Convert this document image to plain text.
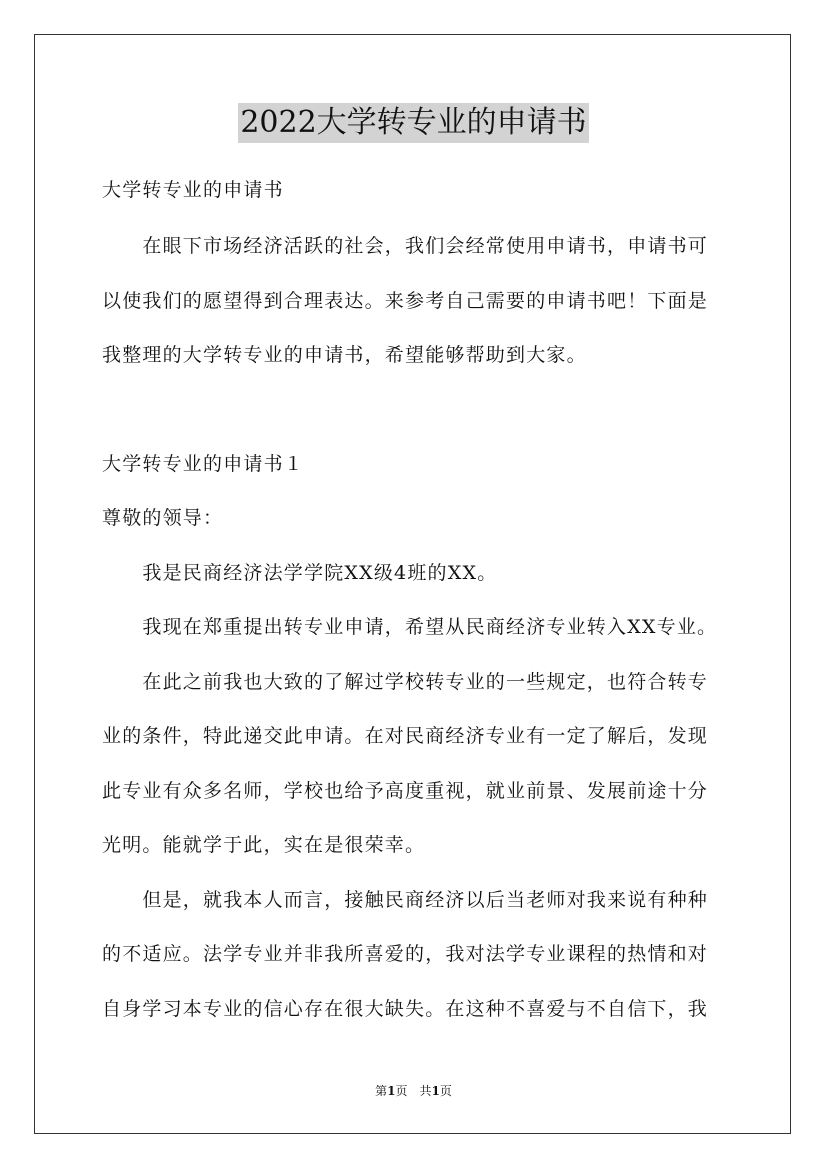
2022大学转专业的申请书
大学转专业的申请书
　　在眼下市场经济活跃的社会，我们会经常使用申请书，申请书可
以使我们的愿望得到合理表达。来参考自己需要的申请书吧！下面是
我整理的大学转专业的申请书，希望能够帮助到大家。
大学转专业的申请书１
尊敬的领导：
　　我是民商经济法学学院XX级4班的XX。
　　我现在郑重提出转专业申请，希望从民商经济专业转入XX专业。
　　在此之前我也大致的了解过学校转专业的一些规定，也符合转专
业的条件，特此递交此申请。在对民商经济专业有一定了解后，发现
此专业有众多名师，学校也给予高度重视，就业前景、发展前途十分
光明。能就学于此，实在是很荣幸。
　　但是，就我本人而言，接触民商经济以后当老师对我来说有种种
的不适应。法学专业并非我所喜爱的，我对法学专业课程的热情和对
自身学习本专业的信心存在很大缺失。在这种不喜爱与不自信下，我
第1页　共1页
